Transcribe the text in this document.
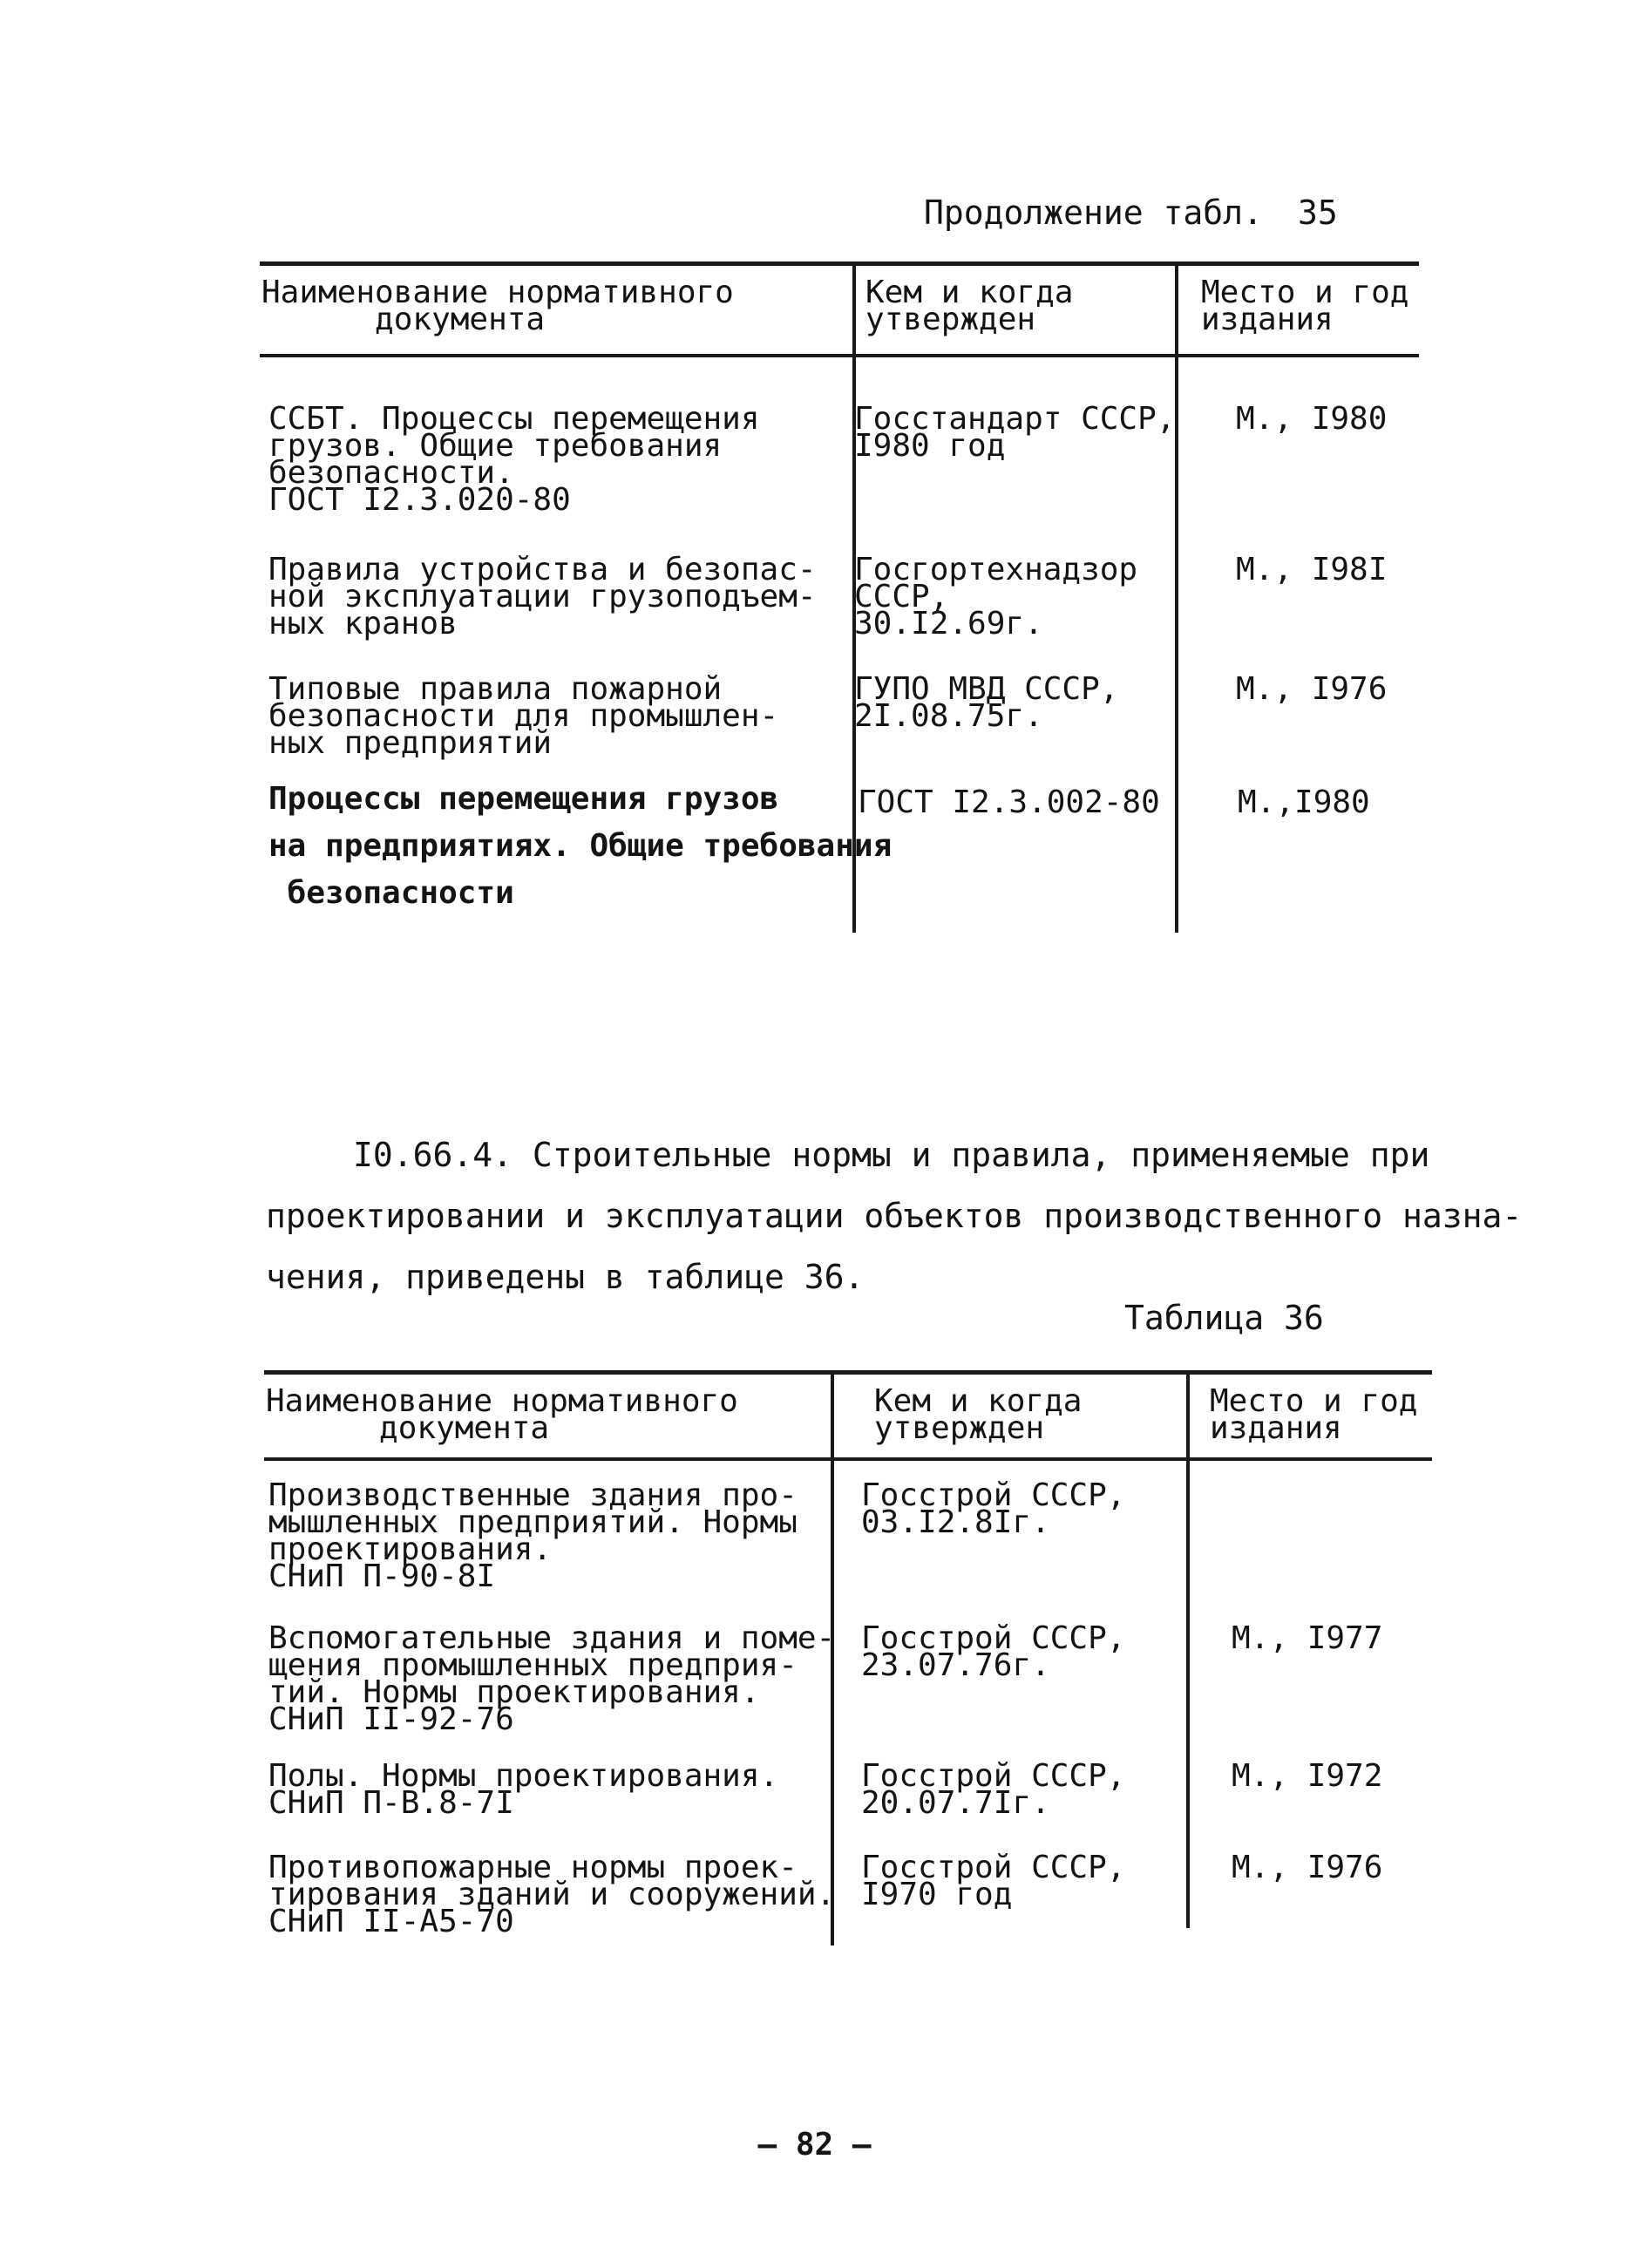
Продолжение табл. 35
Наименование нормативного
документа
Кем и когда
утвержден
Место и год
издания
ССБТ. Процессы перемещения
грузов. Общие требования
безопасности.
ГОСТ I2.3.020-80
Госстандарт СССР,
I980 год
М., I980
Правила устройства и безопас-
ной эксплуатации грузоподъем-
ных кранов
Госгортехнадзор
СССР,
30.I2.69г.
М., I98I
Типовые правила пожарной
безопасности для промышлен-
ных предприятий
ГУПО МВД СССР,
2I.08.75г.
М., I976
Процессы перемещения грузов
на предприятиях. Общие требования
безопасности
ГОСТ I2.3.002-80 М.,I980
I0.66.4. Строительные нормы и правила, применяемые при
проектировании и эксплуатации объектов производственного назна-
чения, приведены в таблице 36.
Таблица 36
Наименование нормативного
документа
Кем и когда
утвержден
Место и год
издания
Производственные здания про-
мышленных предприятий. Нормы
проектирования.
СНиП П-90-8I
Госстрой СССР,
03.I2.8Iг.
Вспомогательные здания и поме-
щения промышленных предприя-
тий. Нормы проектирования.
СНиП II-92-76
Госстрой СССР,
23.07.76г.
М., I977
Полы. Нормы проектирования.
СНиП П-В.8-7I
Госстрой СССР,
20.07.7Iг.
М., I972
Противопожарные нормы проек-
тирования зданий и сооружений.
СНиП II-А5-70
Госстрой СССР,
I970 год
М., I976
— 82 —
